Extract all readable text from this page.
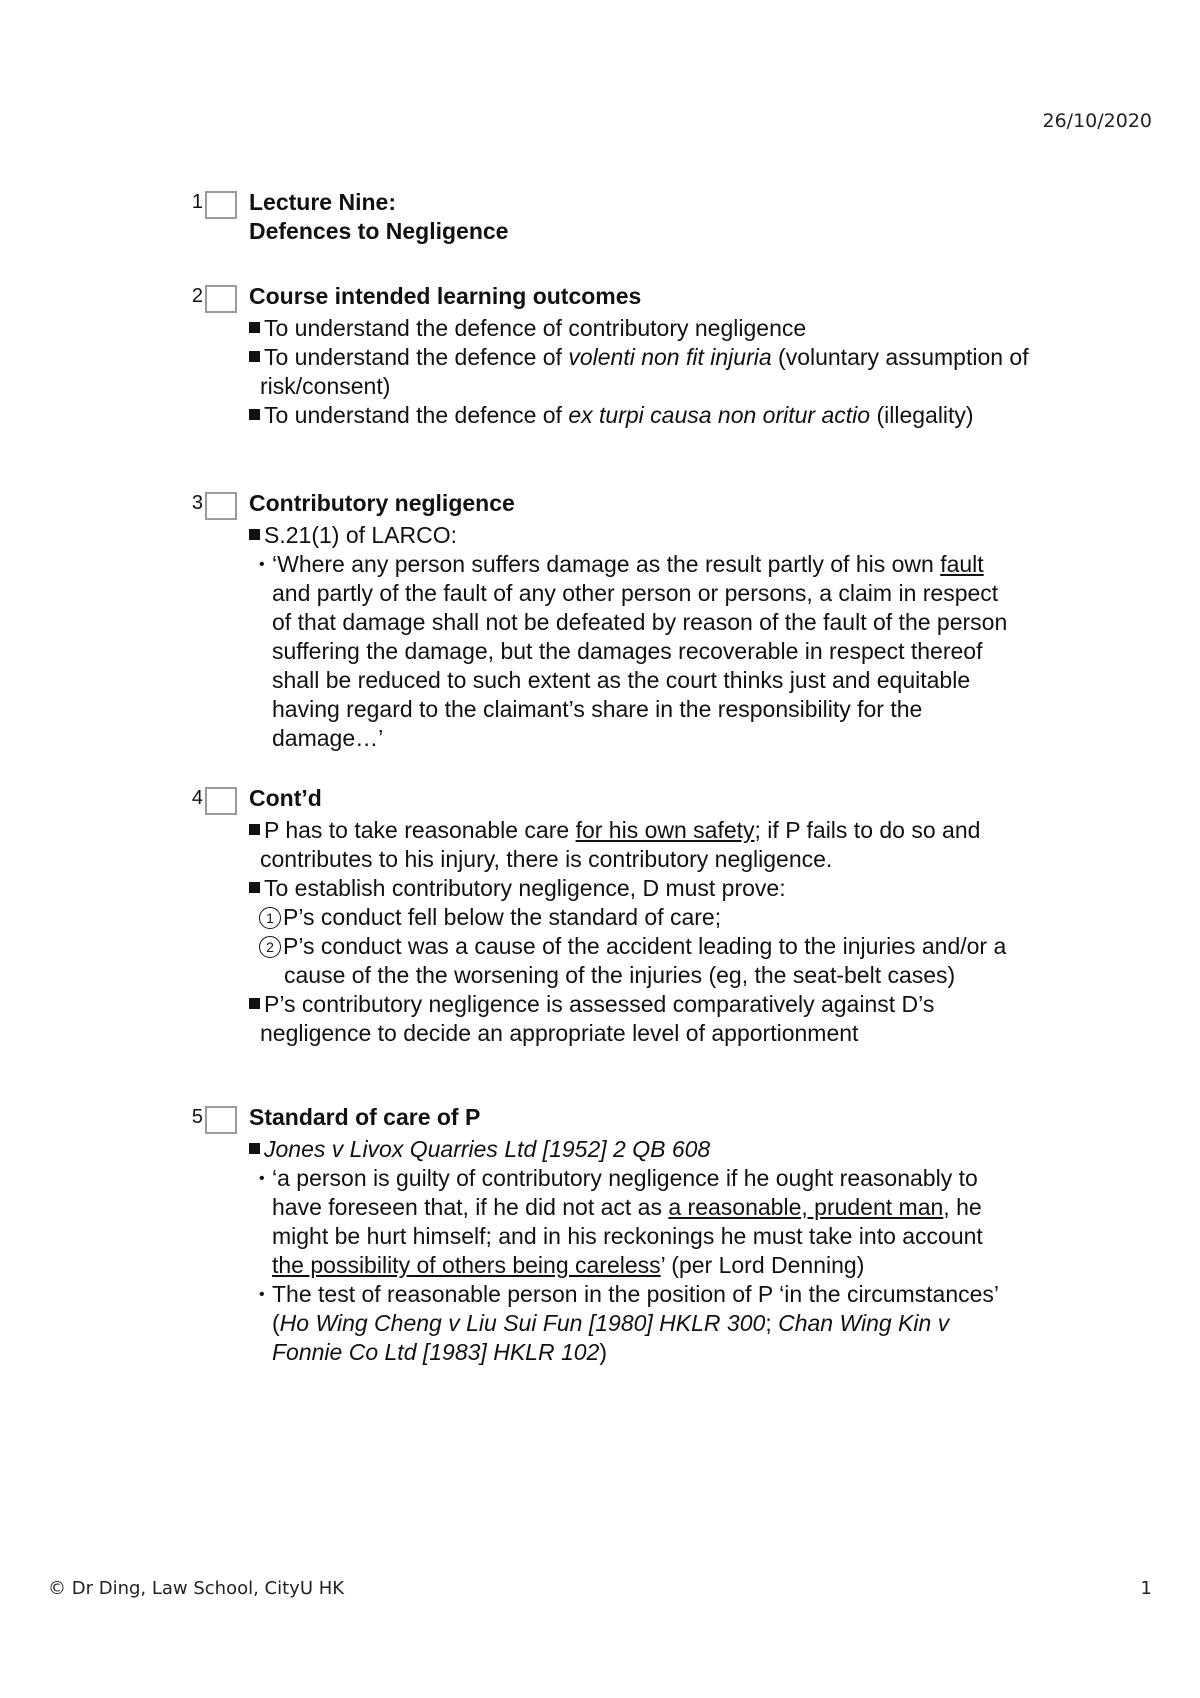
26/10/2020
1 Lecture Nine:
Defences to Negligence
2 Course intended learning outcomes
To understand the defence of contributory negligence
To understand the defence of volenti non fit injuria (voluntary assumption of risk/consent)
To understand the defence of ex turpi causa non oritur actio (illegality)
3 Contributory negligence
S.21(1) of LARCO:
• ‘Where any person suffers damage as the result partly of his own fault and partly of the fault of any other person or persons, a claim in respect of that damage shall not be defeated by reason of the fault of the person suffering the damage, but the damages recoverable in respect thereof shall be reduced to such extent as the court thinks just and equitable having regard to the claimant’s share in the responsibility for the damage…’
4 Cont’d
P has to take reasonable care for his own safety; if P fails to do so and contributes to his injury, there is contributory negligence.
To establish contributory negligence, D must prove:
1 P’s conduct fell below the standard of care;
2 P’s conduct was a cause of the accident leading to the injuries and/or a cause of the the worsening of the injuries (eg, the seat-belt cases)
P’s contributory negligence is assessed comparatively against D’s negligence to decide an appropriate level of apportionment
5 Standard of care of P
Jones v Livox Quarries Ltd [1952] 2 QB 608
• ‘a person is guilty of contributory negligence if he ought reasonably to have foreseen that, if he did not act as a reasonable, prudent man, he might be hurt himself; and in his reckonings he must take into account the possibility of others being careless’ (per Lord Denning)
• The test of reasonable person in the position of P ‘in the circumstances’ (Ho Wing Cheng v Liu Sui Fun [1980] HKLR 300; Chan Wing Kin v Fonnie Co Ltd [1983] HKLR 102)
© Dr Ding, Law School, CityU HK	1
